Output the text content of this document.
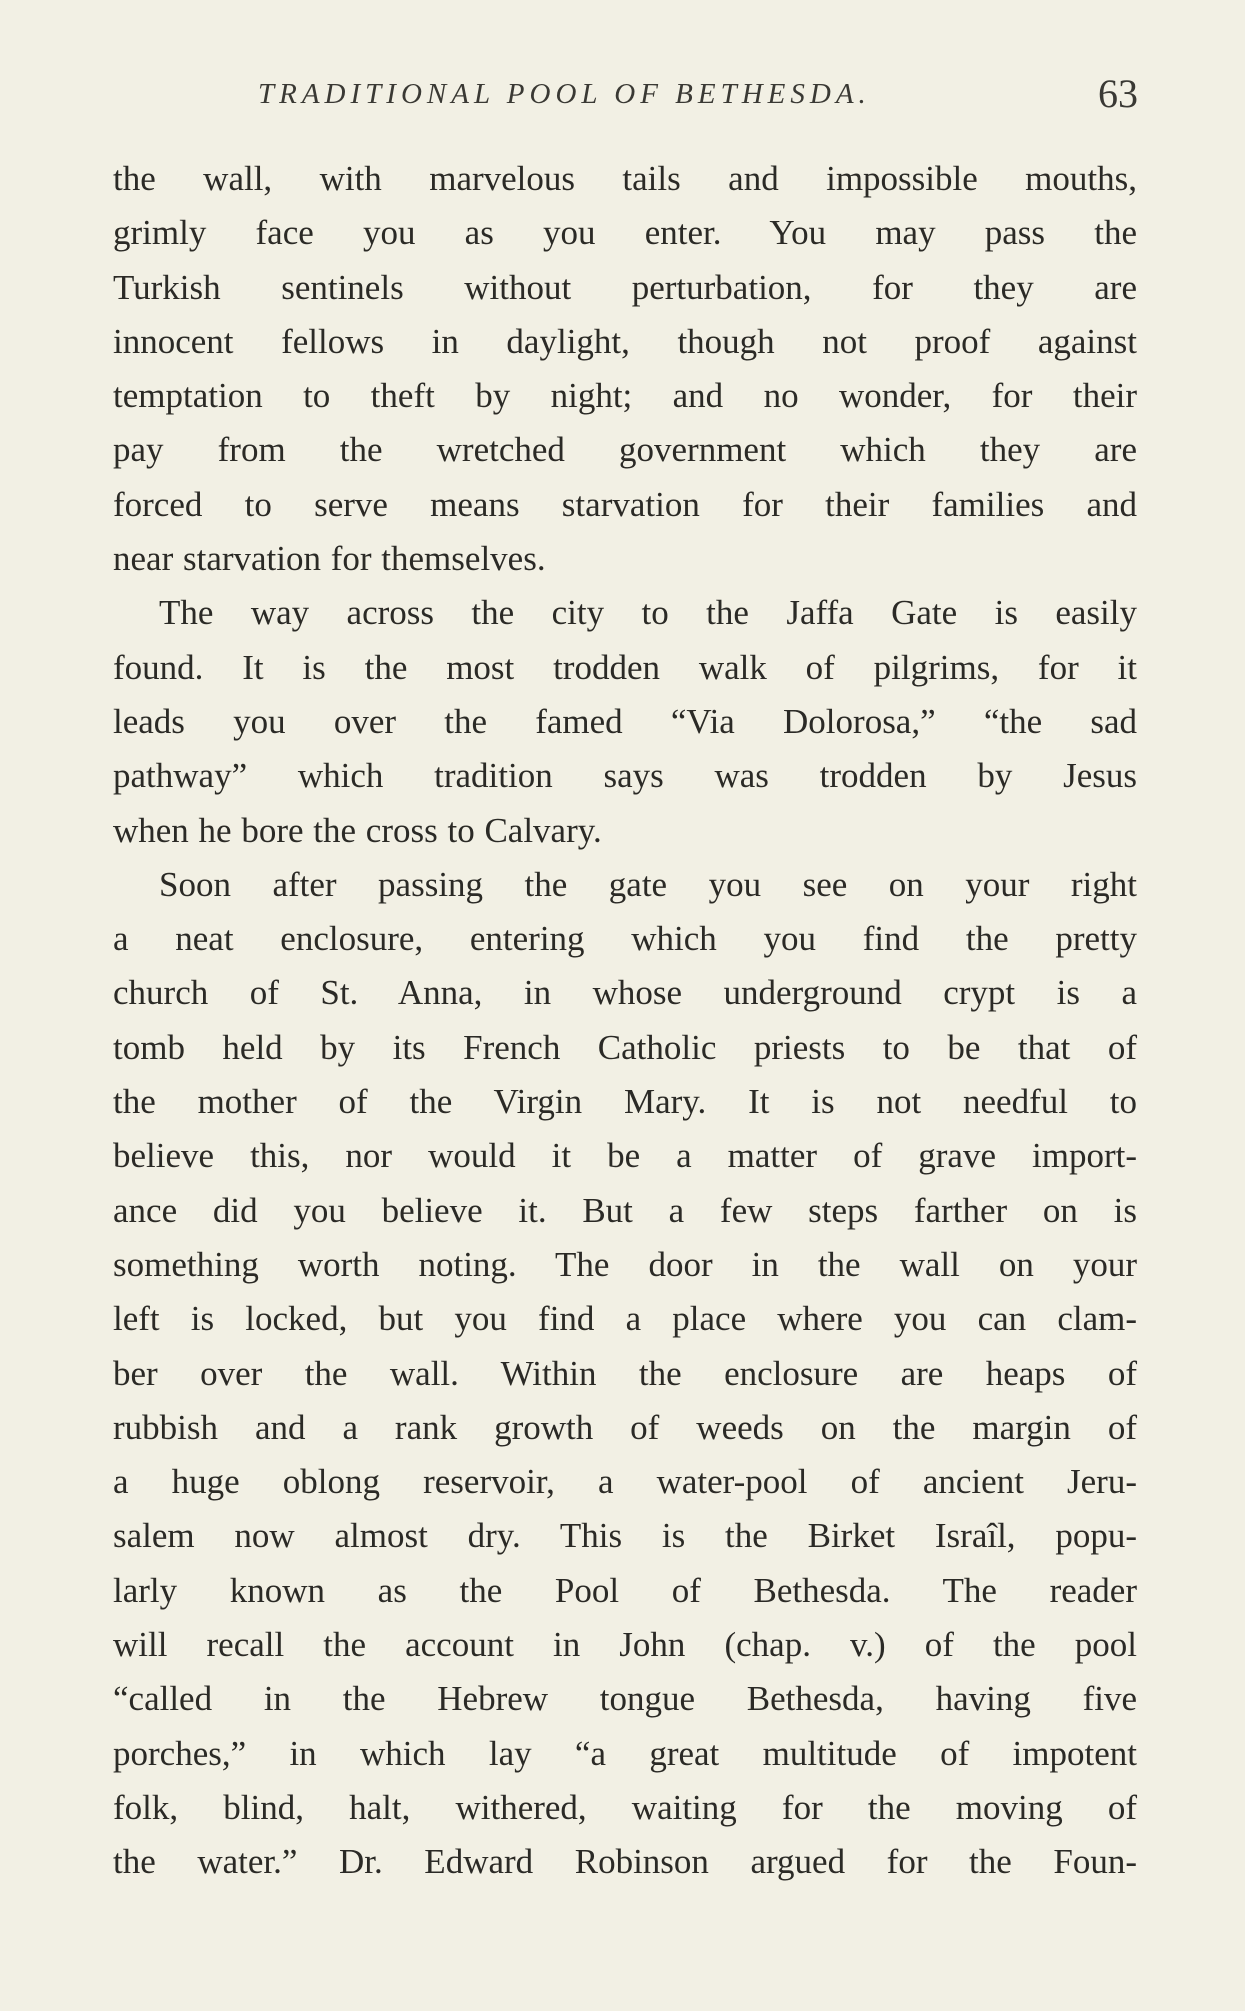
TRADITIONAL POOL OF BETHESDA.	63
the wall, with marvelous tails and impossible mouths,
grimly face you as you enter. You may pass the
Turkish sentinels without perturbation, for they are
innocent fellows in daylight, though not proof against
temptation to theft by night; and no wonder, for their
pay from the wretched government which they are
forced to serve means starvation for their families and
near starvation for themselves.
The way across the city to the Jaffa Gate is easily
found. It is the most trodden walk of pilgrims, for it
leads you over the famed “Via Dolorosa,” “the sad
pathway” which tradition says was trodden by Jesus
when he bore the cross to Calvary.
Soon after passing the gate you see on your right
a neat enclosure, entering which you find the pretty
church of St. Anna, in whose underground crypt is a
tomb held by its French Catholic priests to be that of
the mother of the Virgin Mary. It is not needful to
believe this, nor would it be a matter of grave import-
ance did you believe it. But a few steps farther on is
something worth noting. The door in the wall on your
left is locked, but you find a place where you can clam-
ber over the wall. Within the enclosure are heaps of
rubbish and a rank growth of weeds on the margin of
a huge oblong reservoir, a water-pool of ancient Jeru-
salem now almost dry. This is the Birket Israîl, popu-
larly known as the Pool of Bethesda. The reader
will recall the account in John (chap. v.) of the pool
“called in the Hebrew tongue Bethesda, having five
porches,” in which lay “a great multitude of impotent
folk, blind, halt, withered, waiting for the moving of
the water.” Dr. Edward Robinson argued for the Foun-
